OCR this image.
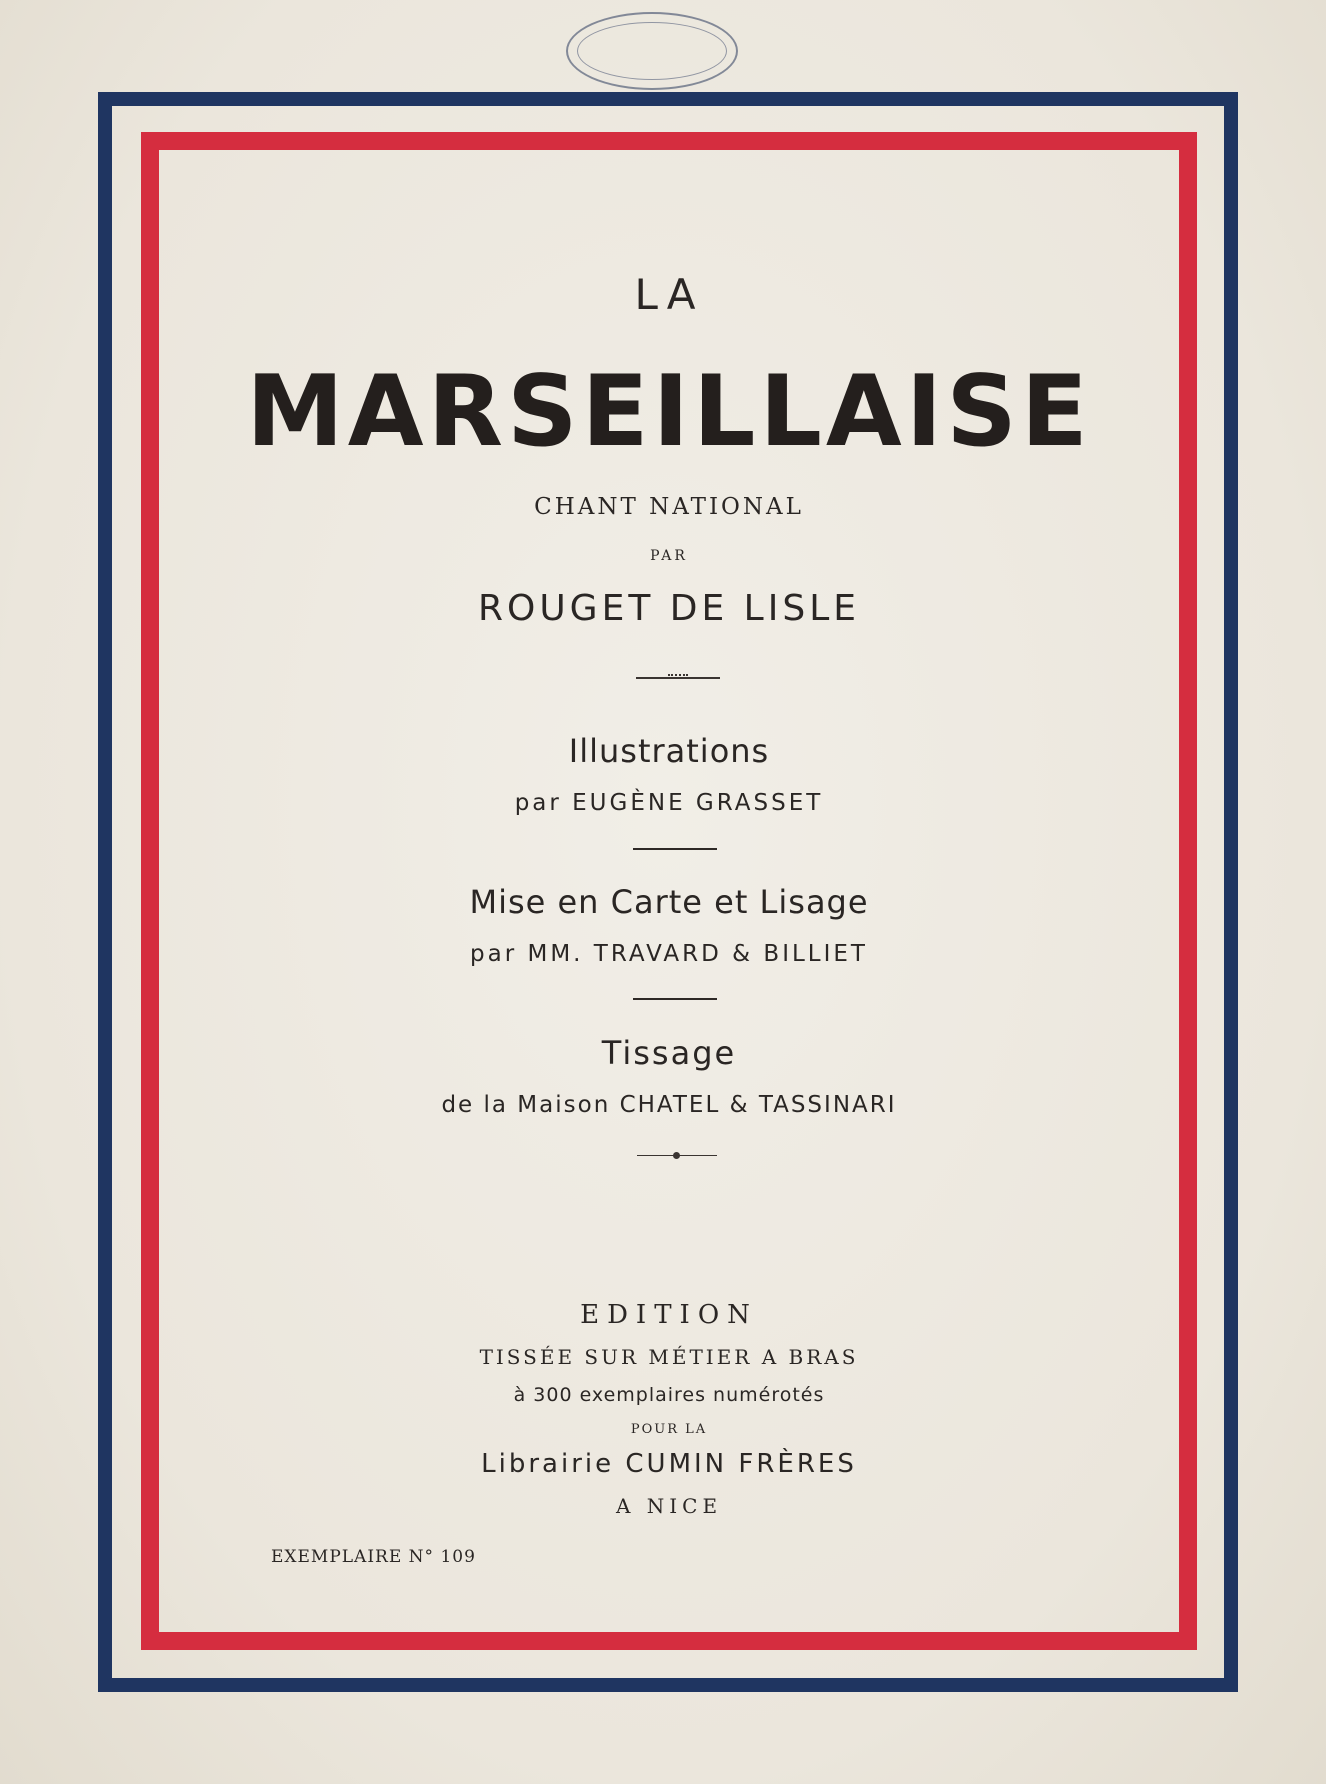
LA
MARSEILLAISE
CHANT NATIONAL
PAR
ROUGET DE LISLE
Illustrations
par EUGÈNE GRASSET
Mise en Carte et Lisage
par MM. TRAVARD & BILLIET
Tissage
de la Maison CHATEL & TASSINARI
EDITION
TISSÉE SUR MÉTIER A BRAS
à 300 exemplaires numérotés
POUR LA
Librairie CUMIN FRÈRES
A NICE
EXEMPLAIRE N° 109
